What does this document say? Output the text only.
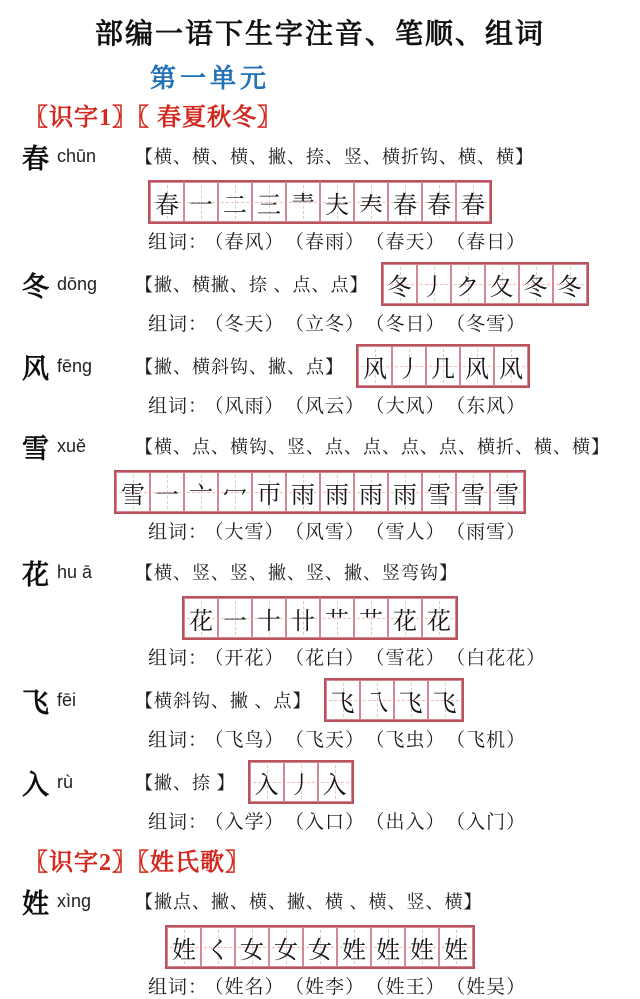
部编一语下生字注音、笔顺、组词
第一单元
〖识字1〗〖 春夏秋冬〗
春 chūn	【横、横、横、撇、捺、竖、横折钩、横、横】
春 一 二 三 龶 夫 𡗗 春 春 春
组词： （春风） （春雨） （春天） （春日）
冬 dōng	【撇、横撇、捺 、点、点】 冬 丿 ク 夂 冬 冬
组词： （冬天） （立冬） （冬日） （冬雪）
风 fēng	【撇、横斜钩、撇、点】 风 丿 几 风 风
组词： （风雨） （风云） （大风） （东风）
雪 xuě	【横、点、横钩、竖、点、点、点、点、横折、横、横】
雪 一 亠 冖 帀 雨 雨 雨 雨 雪 雪 雪
组词： （大雪） （风雪） （雪人） （雨雪）
花 hu ā	【横、竖、竖、撇、竖、撇、竖弯钩】
花 一 十 卄 艹 艹 花 花
组词： （开花） （花白） （雪花） （白花花）
飞 fēi	【横斜钩、撇 、点】 飞 乁 飞 飞
组词： （飞鸟） （飞天） （飞虫） （飞机）
入 rù	【撇、捺 】 入 丿 入
组词： （入学） （入口） （出入） （入门）
〖识字2〗〖姓氏歌〗
姓 xìng	【撇点、撇、横、撇、横 、横、竖、横】
姓 く 女 女 女 姓 姓 姓 姓
组词： （姓名） （姓李） （姓王） （姓吴）
